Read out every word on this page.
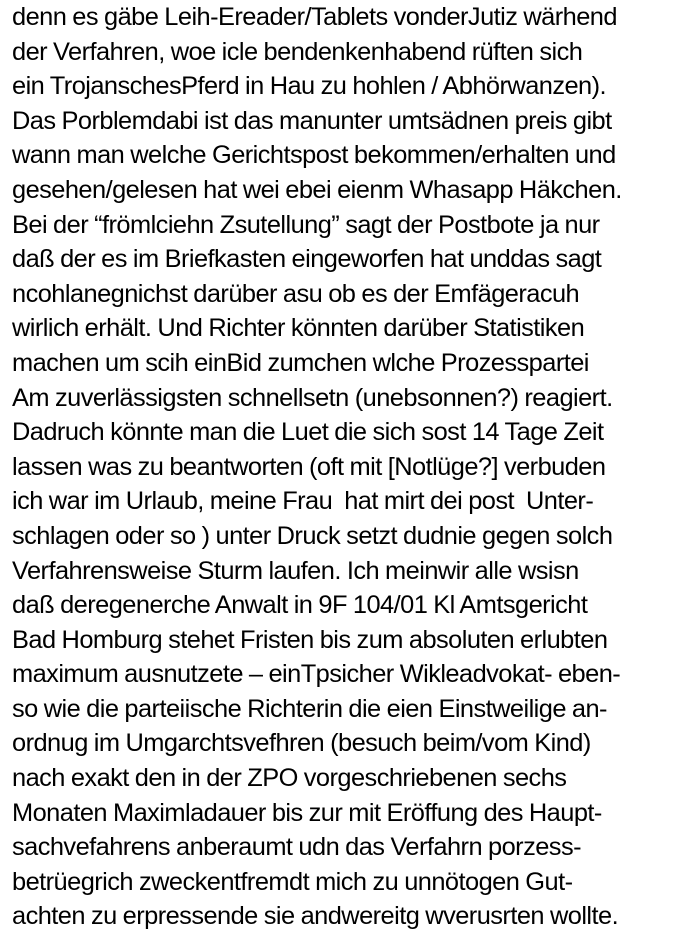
denn es gäbe Leih-Ereader/Tablets vonderJutiz wärhend
der Verfahren, woe icle bendenkenhabend rüften sich
ein TrojanschesPferd in Hau zu hohlen / Abhörwanzen).
Das Porblemdabi ist das manunter umtsädnen preis gibt
wann man welche Gerichtspost bekommen/erhalten und
gesehen/gelesen hat wei ebei eienm Whasapp Häkchen.
Bei der “frömlciehn Zsutellung” sagt der Postbote ja nur
daß der es im Briefkasten eingeworfen hat unddas sagt
ncohlanegnichst darüber asu ob es der Emfägeracuh
wirlich erhält. Und Richter könnten darüber Statistiken
machen um scih einBid zumchen wlche Prozesspartei
Am zuverlässigsten schnellsetn (unebsonnen?) reagiert.
Dadruch könnte man die Luet die sich sost 14 Tage Zeit
lassen was zu beantworten (oft mit [Notlüge?] verbuden
ich war im Urlaub, meine Frau  hat mirt dei post  Unter-
schlagen oder so ) unter Druck setzt dudnie gegen solch
Verfahrensweise Sturm laufen. Ich meinwir alle wsisn
daß deregenerche Anwalt in 9F 104/01 Kl Amtsgericht
Bad Homburg stehet Fristen bis zum absoluten erlubten
maximum ausnutzete – einTpsicher Wikleadvokat- eben-
so wie die parteiische Richterin die eien Einstweilige an-
ordnug im Umgarchtsvefhren (besuch beim/vom Kind)
nach exakt den in der ZPO vorgeschriebenen sechs
Monaten Maximladauer bis zur mit Eröffung des Haupt-
sachvefahrens anberaumt udn das Verfahrn porzess-
betrüegrich zweckentfremdt mich zu unnötogen Gut-
achten zu erpressende sie andwereitg wverusrten wollte.
